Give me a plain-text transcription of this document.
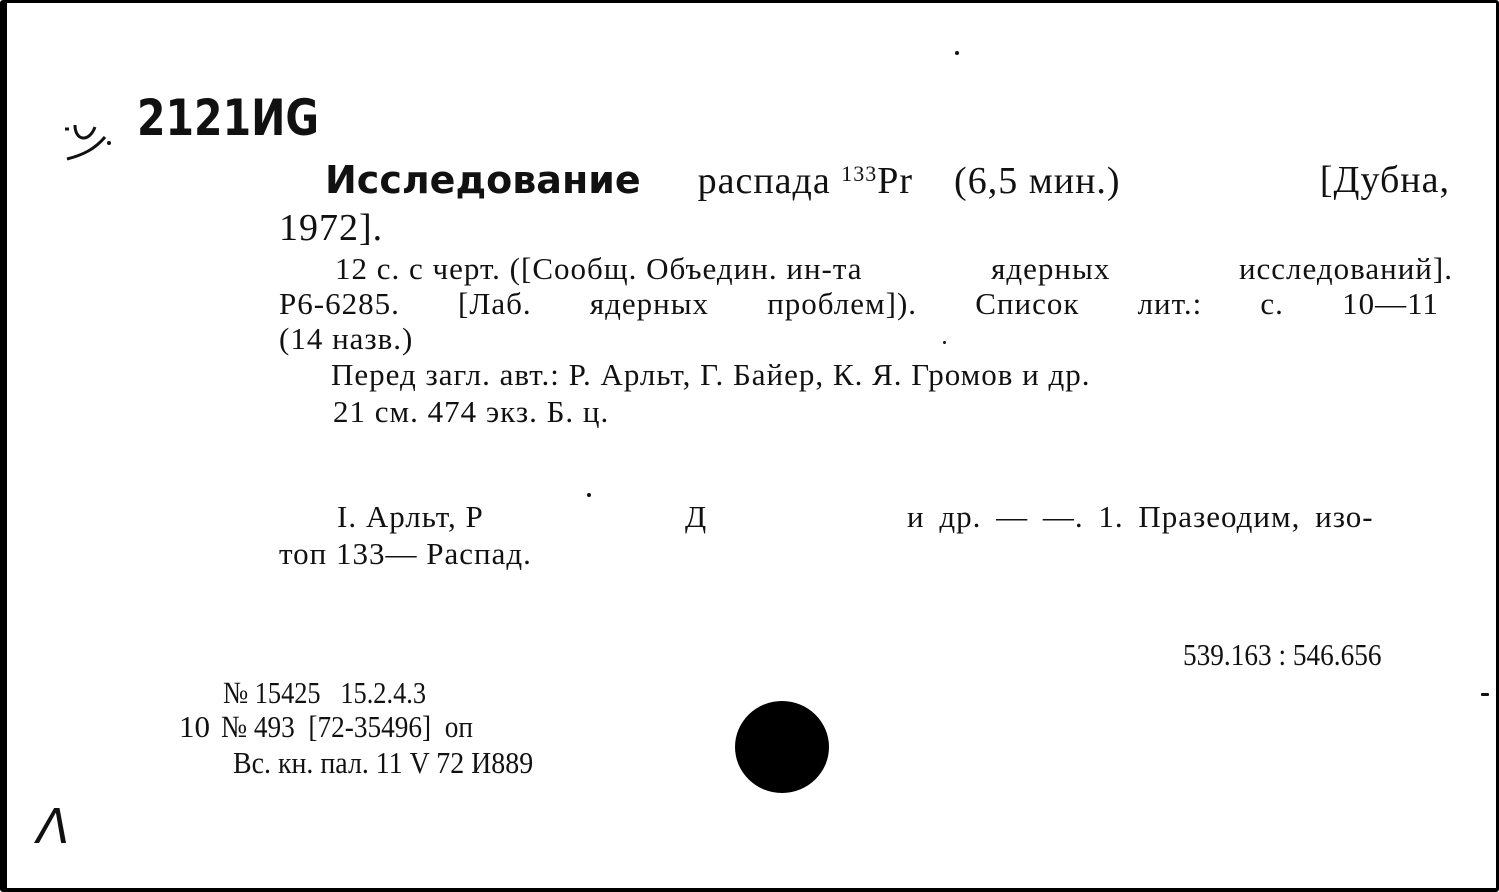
2121ИG
Исследование распада $^{133}$Pr (6,5 мин.)	[Дубна,
1972].
12 с. с черт. ([Сообщ. Объедин. ин-та	ядерных	исследований].
Р6-6285. [Лаб. ядерных проблем]). Список лит.: с. 10—11
(14 назв.)
Перед загл. авт.: Р. Арльт, Г. Байер, К. Я. Громов и др.
21 см. 474 экз. Б. ц.
I. Арльт, Р	Д	и др. — —. 1. Празеодим, изо-
топ 133— Распад.
539.163 : 546.656
№ 15425   15.2.4.3
10 № 493  [72-35496]  оп
Вс. кн. пал. 11 V 72 И889
Λ
